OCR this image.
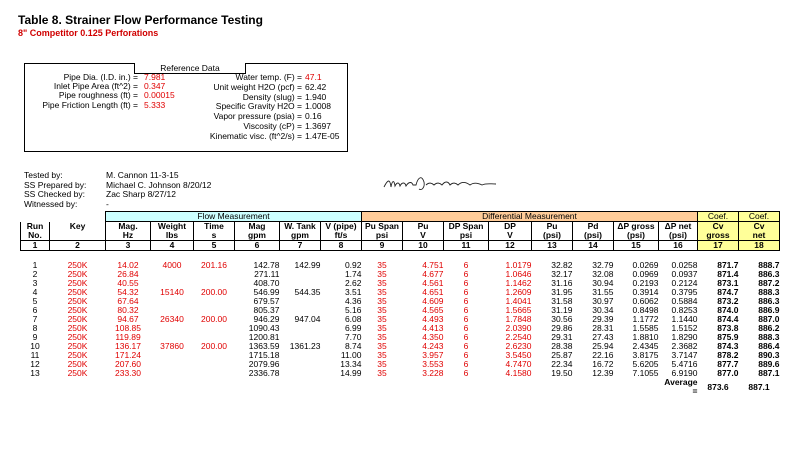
Table 8. Strainer Flow Performance Testing
8" Competitor 0.125 Perforations
Reference Data
Pipe Dia. (I.D. in.) = 7.981
Inlet Pipe Area (ft^2) = 0.347
Pipe roughness (ft) = 0.00015
Pipe Friction Length (ft) = 5.333
Water temp. (F) = 47.1
Unit weight H2O (pcf) = 62.42
Density (slug) = 1.940
Specific Gravity H2O = 1.0008
Vapor pressure (psia) = 0.16
Viscosity (cP) = 1.3697
Kinematic visc. (ft^2/s) = 1.47E-05
Tested by:	M. Cannon 11-3-15
SS Prepared by: Michael C. Johnson 8/20/12
SS Checked by: Zac Sharp 8/27/12
Witnessed by:	-
		Flow Measurement						Differential Measurement								Coef.	Coef.
Run	Key	Mag.	Weight	Time	Mag	W. Tank	V (pipe)	Pu Span	Pu	DP Span	DP	Pu	Pd	ΔP gross	ΔP net	Cv	Cv
No.		Hz	lbs	s	gpm	gpm	ft/s	psi	V	psi	V	(psi)	(psi)	(psi)	(psi)	gross	net
1	2	3	4	5	6	7	8	9	10	11	12	13	14	15	16	17	18

1	250K	14.02	4000	201.16	142.78	142.99	0.92	35	4.751	6	1.0179	32.82	32.79	0.0269	0.0258	871.7	888.7
2	250K	26.84			271.11		1.74	35	4.677	6	1.0646	32.17	32.08	0.0969	0.0937	871.4	886.3
3	250K	40.55			408.70		2.62	35	4.561	6	1.1462	31.16	30.94	0.2193	0.2124	873.1	887.2
4	250K	54.32	15140	200.00	546.99	544.35	3.51	35	4.651	6	1.2609	31.95	31.55	0.3914	0.3795	874.7	888.3
5	250K	67.64			679.57		4.36	35	4.609	6	1.4041	31.58	30.97	0.6062	0.5884	873.2	886.3
6	250K	80.32			805.37		5.16	35	4.565	6	1.5665	31.19	30.34	0.8498	0.8253	874.0	886.9
7	250K	94.67	26340	200.00	946.29	947.04	6.08	35	4.493	6	1.7848	30.56	29.39	1.1772	1.1440	874.4	887.0
8	250K	108.85			1090.43		6.99	35	4.413	6	2.0390	29.86	28.31	1.5585	1.5152	873.8	886.2
9	250K	119.89			1200.81		7.70	35	4.350	6	2.2540	29.31	27.43	1.8810	1.8290	875.9	888.3
10	250K	136.17	37860	200.00	1363.59	1361.23	8.74	35	4.243	6	2.6230	28.38	25.94	2.4345	2.3682	874.3	886.4
11	250K	171.24			1715.18		11.00	35	3.957	6	3.5450	25.87	22.16	3.8175	3.7147	878.2	890.3
12	250K	207.60			2079.96		13.34	35	3.553	6	4.7470	22.34	16.72	5.6205	5.4716	877.7	889.6
13	250K	233.30			2336.78		14.99	35	3.228	6	4.1580	19.50	12.39	7.1055	6.9190	877.0	887.1
															Average =	873.6	887.1
